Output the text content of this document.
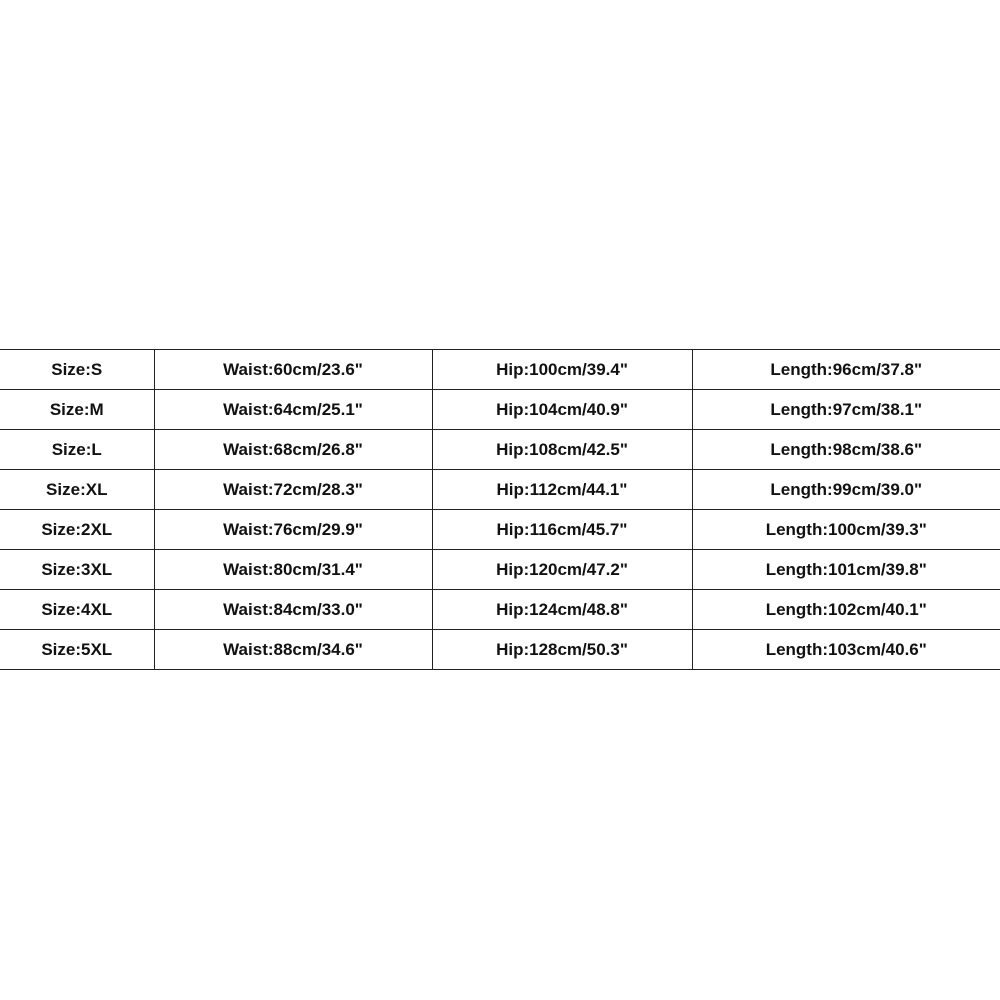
Size:S	Waist:60cm/23.6"	Hip:100cm/39.4"	Length:96cm/37.8"
Size:M	Waist:64cm/25.1"	Hip:104cm/40.9"	Length:97cm/38.1"
Size:L	Waist:68cm/26.8"	Hip:108cm/42.5"	Length:98cm/38.6"
Size:XL	Waist:72cm/28.3"	Hip:112cm/44.1"	Length:99cm/39.0"
Size:2XL	Waist:76cm/29.9"	Hip:116cm/45.7"	Length:100cm/39.3"
Size:3XL	Waist:80cm/31.4"	Hip:120cm/47.2"	Length:101cm/39.8"
Size:4XL	Waist:84cm/33.0"	Hip:124cm/48.8"	Length:102cm/40.1"
Size:5XL	Waist:88cm/34.6"	Hip:128cm/50.3"	Length:103cm/40.6"
